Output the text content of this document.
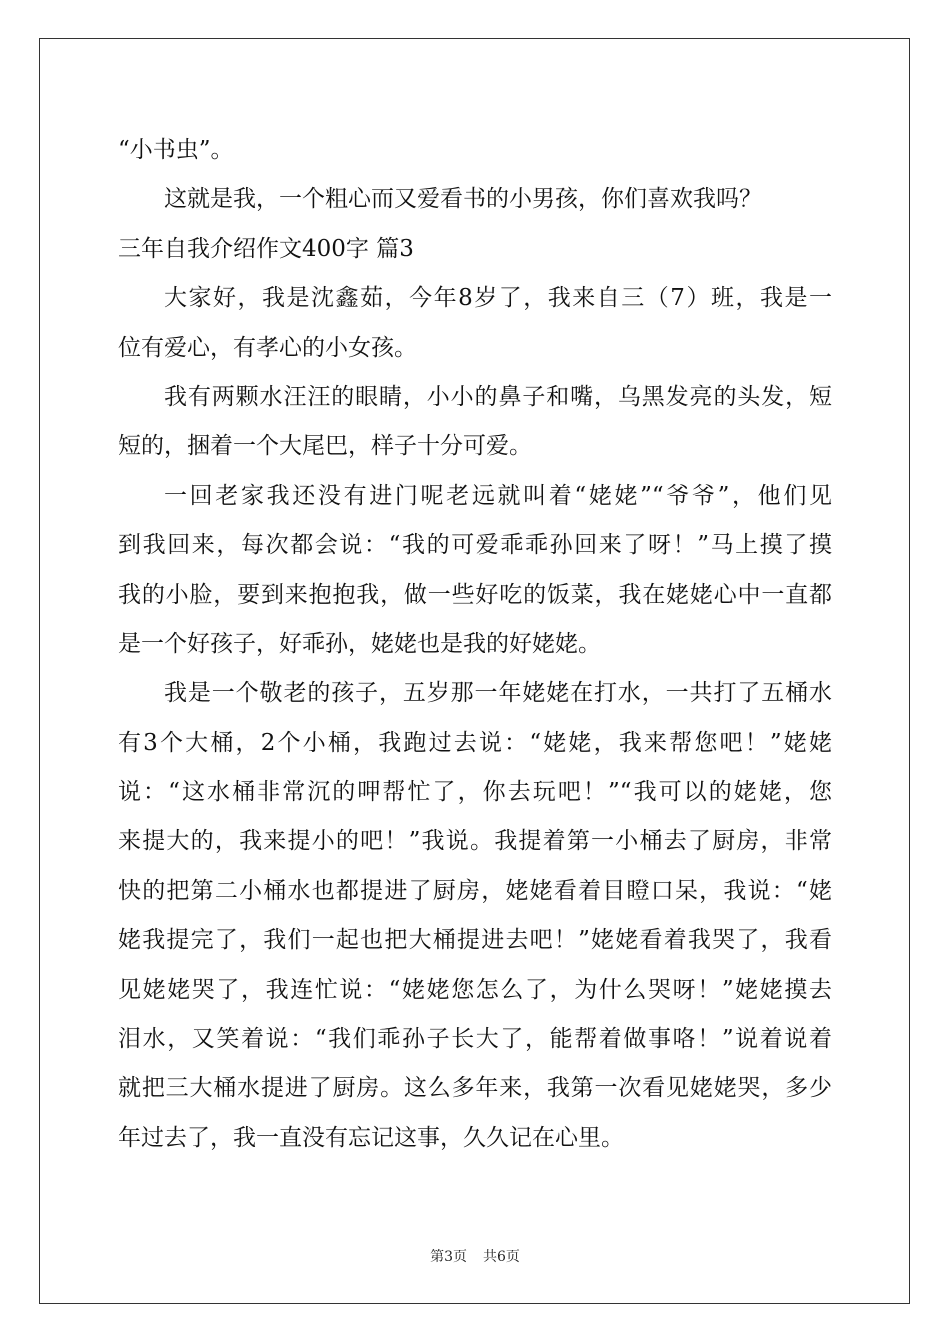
“小书虫”。
这就是我，一个粗心而又爱看书的小男孩，你们喜欢我吗？
三年自我介绍作文400字 篇3
大家好，我是沈鑫茹，今年8岁了，我来自三（7）班，我是一
位有爱心，有孝心的小女孩。
我有两颗水汪汪的眼睛，小小的鼻子和嘴，乌黑发亮的头发，短
短的，捆着一个大尾巴，样子十分可爱。
一回老家我还没有进门呢老远就叫着“姥姥”“爷爷”，他们见
到我回来，每次都会说：“我的可爱乖乖孙回来了呀！”马上摸了摸
我的小脸，要到来抱抱我，做一些好吃的饭菜，我在姥姥心中一直都
是一个好孩子，好乖孙，姥姥也是我的好姥姥。
我是一个敬老的孩子，五岁那一年姥姥在打水，一共打了五桶水
有3个大桶，2个小桶，我跑过去说：“姥姥，我来帮您吧！”姥姥
说：“这水桶非常沉的呷帮忙了，你去玩吧！”“我可以的姥姥，您
来提大的，我来提小的吧！”我说。我提着第一小桶去了厨房，非常
快的把第二小桶水也都提进了厨房，姥姥看着目瞪口呆，我说：“姥
姥我提完了，我们一起也把大桶提进去吧！”姥姥看着我哭了，我看
见姥姥哭了，我连忙说：“姥姥您怎么了，为什么哭呀！”姥姥摸去
泪水，又笑着说：“我们乖孙子长大了，能帮着做事咯！”说着说着
就把三大桶水提进了厨房。这么多年来，我第一次看见姥姥哭，多少
年过去了，我一直没有忘记这事，久久记在心里。
第3页 共6页
